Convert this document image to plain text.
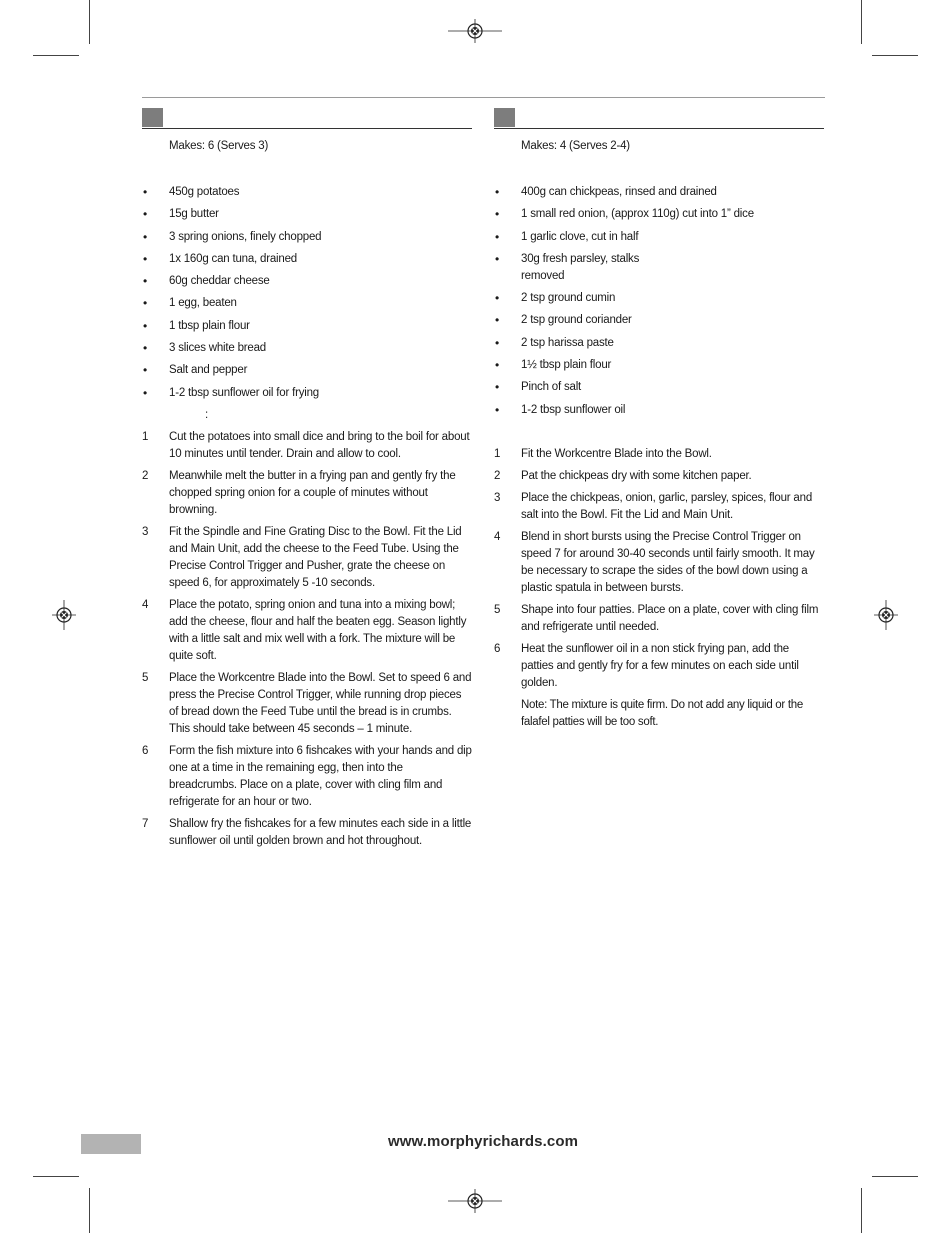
Makes: 6 (Serves 3)
• 450g potatoes
• 15g butter
• 3 spring onions, finely chopped
• 1x 160g can tuna, drained
• 60g cheddar cheese
• 1 egg, beaten
• 1 tbsp plain flour
• 3 slices white bread
• Salt and pepper
• 1-2 tbsp sunflower oil for frying
:
1 Cut the potatoes into small dice and bring to the boil for about 10 minutes until tender. Drain and allow to cool.
2 Meanwhile melt the butter in a frying pan and gently fry the chopped spring onion for a couple of minutes without browning.
3 Fit the Spindle and Fine Grating Disc to the Bowl. Fit the Lid and Main Unit, add the cheese to the Feed Tube. Using the Precise Control Trigger and Pusher, grate the cheese on speed 6, for approximately 5 -10 seconds.
4 Place the potato, spring onion and tuna into a mixing bowl; add the cheese, flour and half the beaten egg. Season lightly with a little salt and mix well with a fork. The mixture will be quite soft.
5 Place the Workcentre Blade into the Bowl. Set to speed 6 and press the Precise Control Trigger, while running drop pieces of bread down the Feed Tube until the bread is in crumbs. This should take between 45 seconds – 1 minute.
6 Form the fish mixture into 6 fishcakes with your hands and dip one at a time in the remaining egg, then into the breadcrumbs. Place on a plate, cover with cling film and refrigerate for an hour or two.
7 Shallow fry the fishcakes for a few minutes each side in a little sunflower oil until golden brown and hot throughout.
Makes: 4 (Serves 2-4)
• 400g can chickpeas, rinsed and drained
• 1 small red onion, (approx 110g) cut into 1” dice
• 1 garlic clove, cut in half
• 30g fresh parsley, stalks removed
• 2 tsp ground cumin
• 2 tsp ground coriander
• 2 tsp harissa paste
• 1½ tbsp plain flour
• Pinch of salt
• 1-2 tbsp sunflower oil
1 Fit the Workcentre Blade into the Bowl.
2 Pat the chickpeas dry with some kitchen paper.
3 Place the chickpeas, onion, garlic, parsley, spices, flour and salt into the Bowl. Fit the Lid and Main Unit.
4 Blend in short bursts using the Precise Control Trigger on speed 7 for around 30-40 seconds until fairly smooth. It may be necessary to scrape the sides of the bowl down using a plastic spatula in between bursts.
5 Shape into four patties. Place on a plate, cover with cling film and refrigerate until needed.
6 Heat the sunflower oil in a non stick frying pan, add the patties and gently fry for a few minutes on each side until golden.
Note: The mixture is quite firm. Do not add any liquid or the falafel patties will be too soft.
www.morphyrichards.com
